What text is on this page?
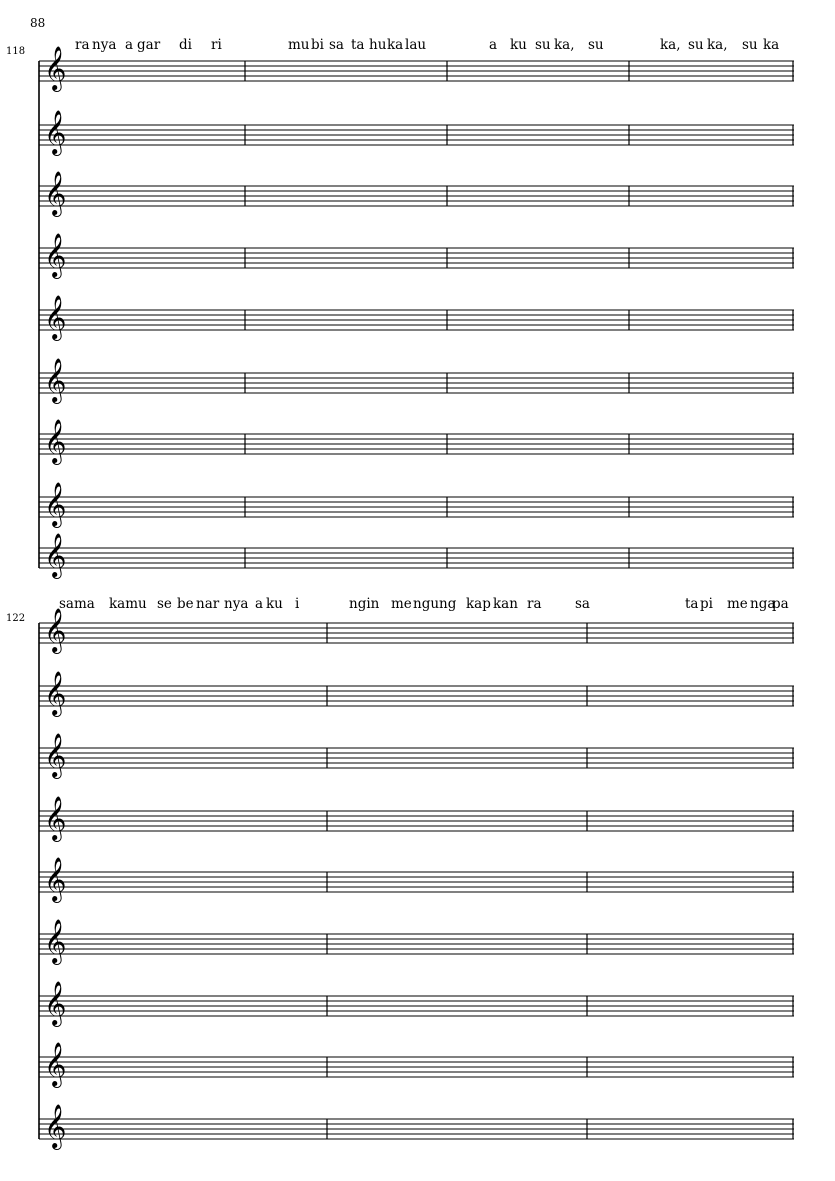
88
118
122
ra nya a gar di ri	mu bi sa ta hu ka lau	a ku su ka, su	ka, su ka, su ka
sama kamu se be nar nya a ku i	ngin me ngung kap kan ra sa	ta pi me nga
pa
𝄞
𝄞
𝄞
𝄞
𝄞
𝄞
𝄞
𝄞
𝄞
𝄞
𝄞
𝄞
𝄞
𝄞
𝄞
𝄞
𝄞
𝄞
